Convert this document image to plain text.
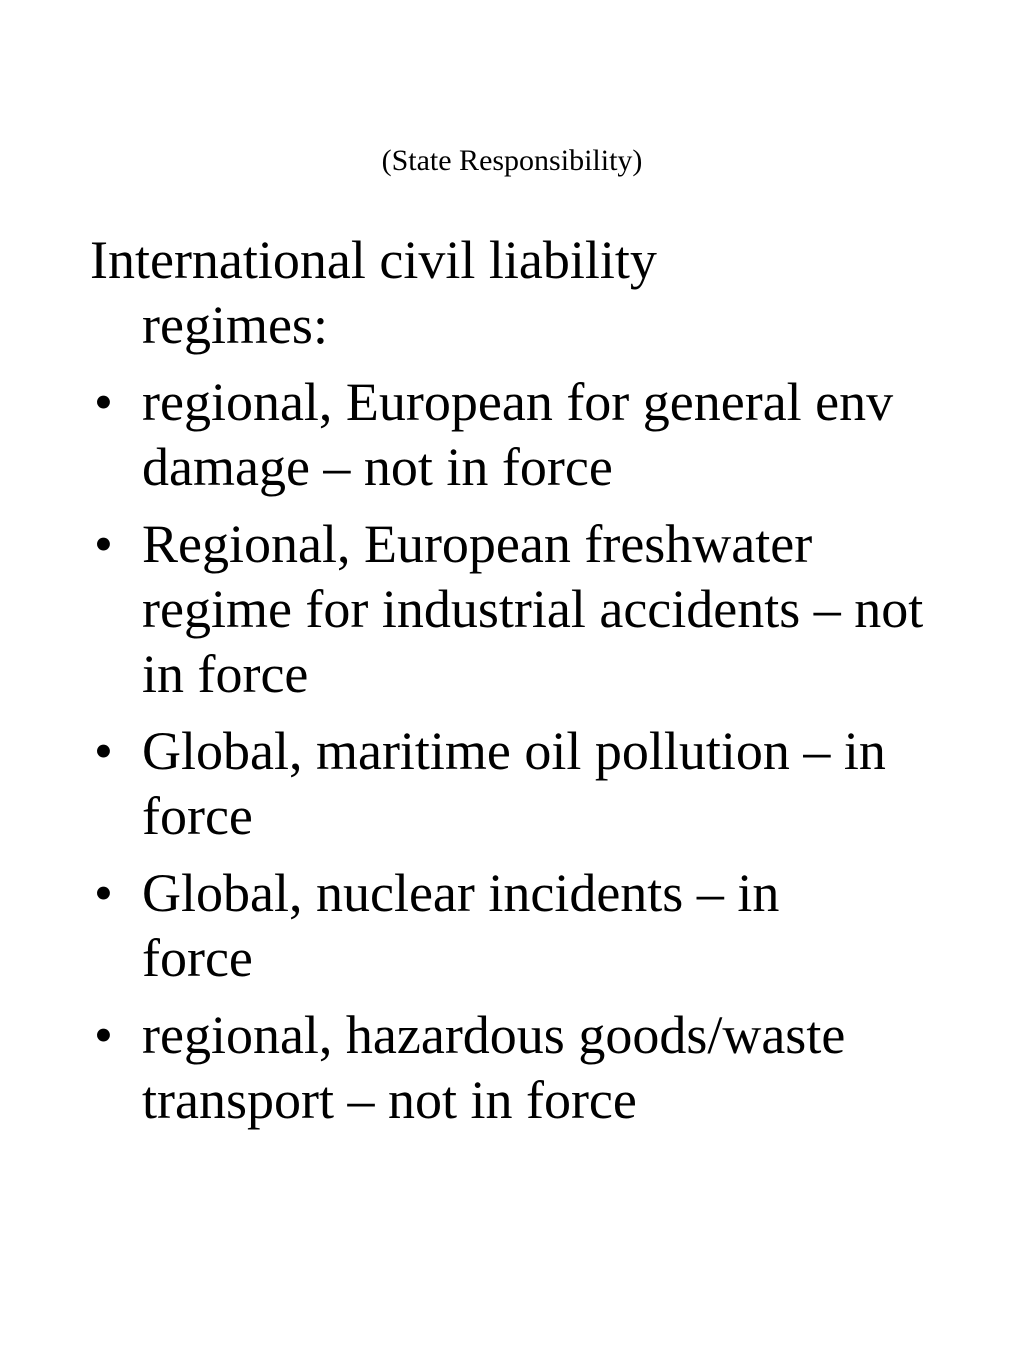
(State Responsibility)

International civil liability regimes:

• regional, European for general env damage – not in force
• Regional, European freshwater regime for industrial accidents – not in force
• Global, maritime oil pollution – in force
• Global, nuclear incidents – in force
• regional, hazardous goods/waste transport – not in force
